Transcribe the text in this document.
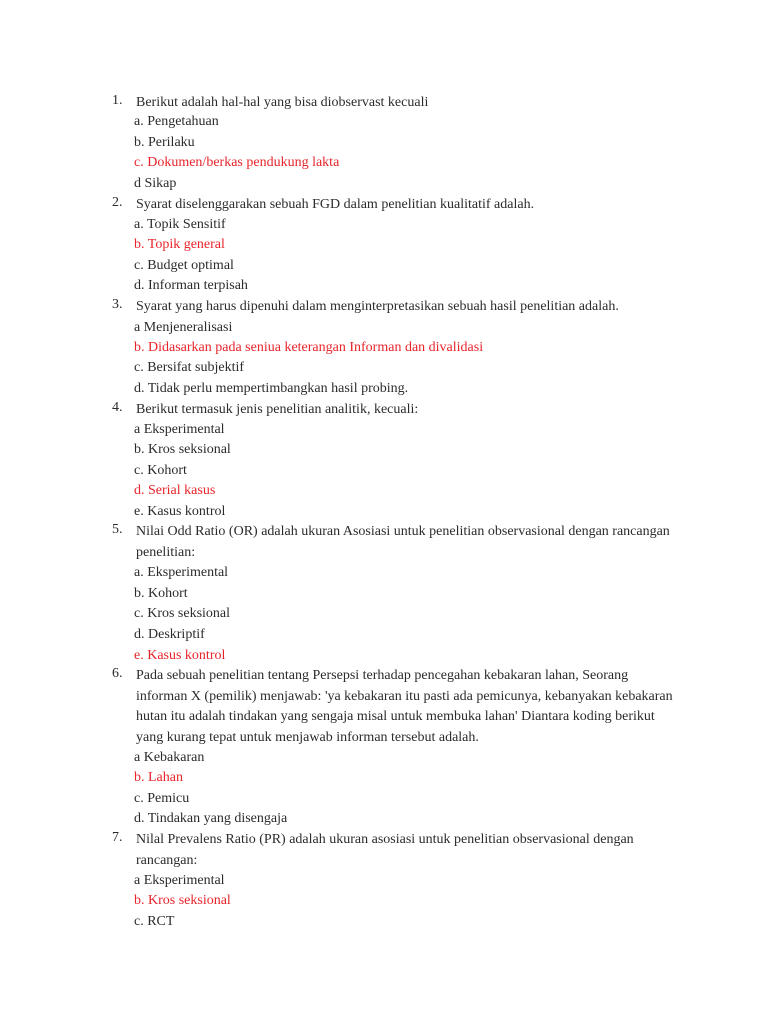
1. Berikut adalah hal-hal yang bisa diobservast kecuali
a. Pengetahuan
b. Perilaku
c. Dokumen/berkas pendukung lakta
d Sikap
2. Syarat diselenggarakan sebuah FGD dalam penelitian kualitatif adalah.
a. Topik Sensitif
b. Topik general
c. Budget optimal
d. Informan terpisah
3. Syarat yang harus dipenuhi dalam menginterpretasikan sebuah hasil penelitian adalah.
a Menjeneralisasi
b. Didasarkan pada seniua keterangan Informan dan divalidasi
c. Bersifat subjektif
d. Tidak perlu mempertimbangkan hasil probing.
4. Berikut termasuk jenis penelitian analitik, kecuali:
a Eksperimental
b. Kros seksional
c. Kohort
d. Serial kasus
e. Kasus kontrol
5. Nilai Odd Ratio (OR) adalah ukuran Asosiasi untuk penelitian observasional dengan rancangan penelitian:
a. Eksperimental
b. Kohort
c. Kros seksional
d. Deskriptif
e. Kasus kontrol
6. Pada sebuah penelitian tentang Persepsi terhadap pencegahan kebakaran lahan, Seorang informan X (pemilik) menjawab: 'ya kebakaran itu pasti ada pemicunya, kebanyakan kebakaran hutan itu adalah tindakan yang sengaja misal untuk membuka lahan' Diantara koding berikut yang kurang tepat untuk menjawab informan tersebut adalah.
a Kebakaran
b. Lahan
c. Pemicu
d. Tindakan yang disengaja
7. Nilal Prevalens Ratio (PR) adalah ukuran asosiasi untuk penelitian observasional dengan rancangan:
a Eksperimental
b. Kros seksional
c. RCT
